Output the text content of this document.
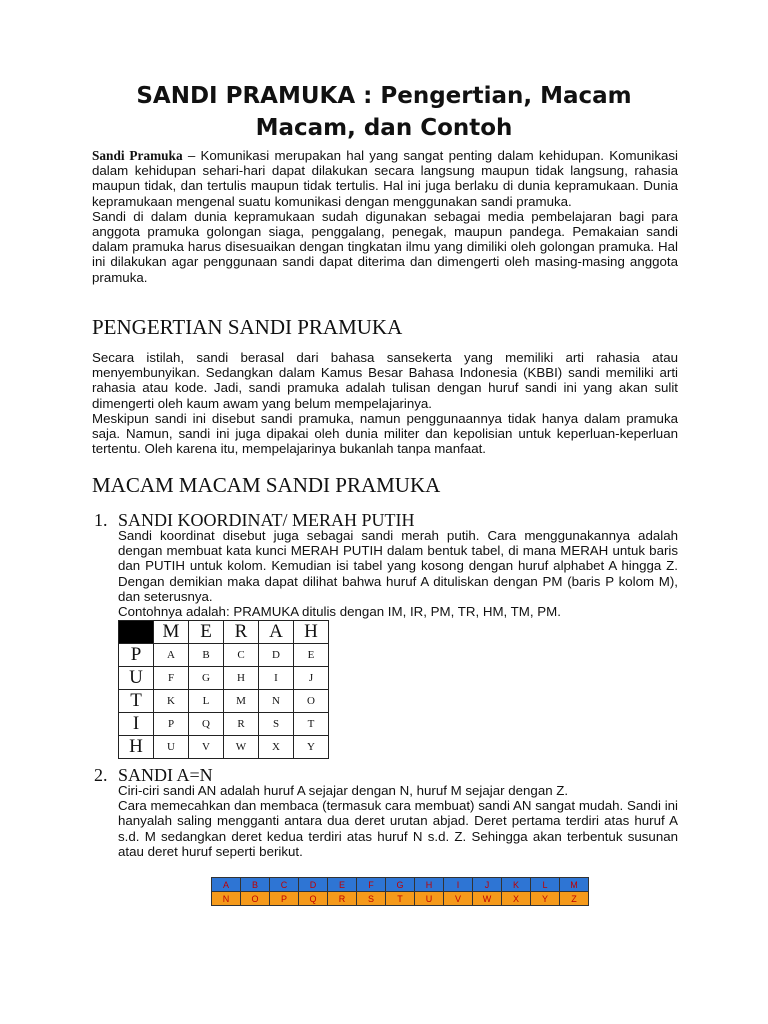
SANDI PRAMUKA : Pengertian, Macam
Macam, dan Contoh

Sandi Pramuka – Komunikasi merupakan hal yang sangat penting dalam kehidupan. Komunikasi dalam kehidupan sehari-hari dapat dilakukan secara langsung maupun tidak langsung, rahasia maupun tidak, dan tertulis maupun tidak tertulis. Hal ini juga berlaku di dunia kepramukaan. Dunia kepramukaan mengenal suatu komunikasi dengan menggunakan sandi pramuka.

Sandi di dalam dunia kepramukaan sudah digunakan sebagai media pembelajaran bagi para anggota pramuka golongan siaga, penggalang, penegak, maupun pandega. Pemakaian sandi dalam pramuka harus disesuaikan dengan tingkatan ilmu yang dimiliki oleh golongan pramuka. Hal ini dilakukan agar penggunaan sandi dapat diterima dan dimengerti oleh masing-masing anggota pramuka.

PENGERTIAN SANDI PRAMUKA

Secara istilah, sandi berasal dari bahasa sansekerta yang memiliki arti rahasia atau menyembunyikan. Sedangkan dalam Kamus Besar Bahasa Indonesia (KBBI) sandi memiliki arti rahasia atau kode. Jadi, sandi pramuka adalah tulisan dengan huruf sandi ini yang akan sulit dimengerti oleh kaum awam yang belum mempelajarinya.

Meskipun sandi ini disebut sandi pramuka, namun penggunaannya tidak hanya dalam pramuka saja. Namun, sandi ini juga dipakai oleh dunia militer dan kepolisian untuk keperluan-keperluan tertentu. Oleh karena itu, mempelajarinya bukanlah tanpa manfaat.

MACAM MACAM SANDI PRAMUKA
1. SANDI KOORDINAT/ MERAH PUTIH

Sandi koordinat disebut juga sebagai sandi merah putih. Cara menggunakannya adalah dengan membuat kata kunci MERAH PUTIH dalam bentuk tabel, di mana MERAH untuk baris dan PUTIH untuk kolom. Kemudian isi tabel yang kosong dengan huruf alphabet A hingga Z. Dengan demikian maka dapat dilihat bahwa huruf A dituliskan dengan PM (baris P kolom M), dan seterusnya.

Contohnya adalah: PRAMUKA ditulis dengan IM, IR, PM, TR, HM, TM, PM.

	M	E	R	A	H
P	A	B	C	D	E
U	F	G	H	I	J
T	K	L	M	N	O
I	P	Q	R	S	T
H	U	V	W	X	Y
2. SANDI A=N

Ciri-ciri sandi AN adalah huruf A sejajar dengan N, huruf M sejajar dengan Z.

Cara memecahkan dan membaca (termasuk cara membuat) sandi AN sangat mudah. Sandi ini hanyalah saling mengganti antara dua deret urutan abjad. Deret pertama terdiri atas huruf A s.d. M sedangkan deret kedua terdiri atas huruf N s.d. Z. Sehingga akan terbentuk susunan atau deret huruf seperti berikut.

A	B	C	D	E	F	G	H	I	J	K	L	M
N	O	P	Q	R	S	T	U	V	W	X	Y	Z
